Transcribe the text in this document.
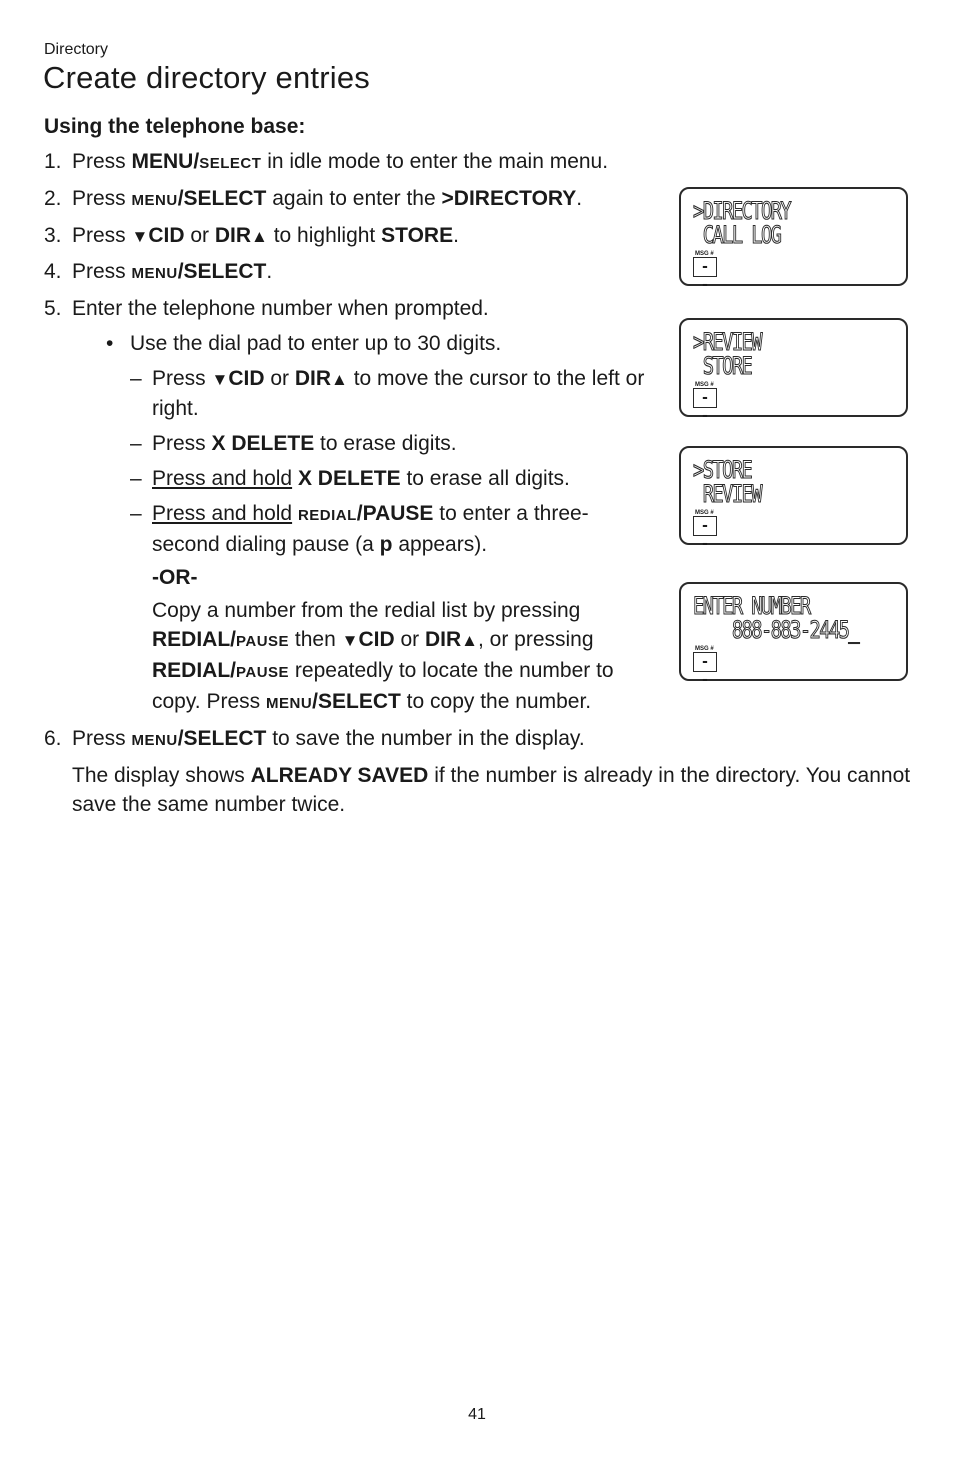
Directory
Create directory entries
Using the telephone base:
1. Press MENU/SELECT in idle mode to enter the main menu.
2. Press MENU/SELECT again to enter the >DIRECTORY.
3. Press ▼CID or DIR▲ to highlight STORE.
4. Press MENU/SELECT.
5. Enter the telephone number when prompted.
• Use the dial pad to enter up to 30 digits.
– Press ▼CID or DIR▲ to move the cursor to the left or right.
– Press X DELETE to erase digits.
– Press and hold X DELETE to erase all digits.
– Press and hold REDIAL/PAUSE to enter a three-second dialing pause (a p appears).
-OR-
Copy a number from the redial list by pressing REDIAL/PAUSE then ▼CID or DIR▲, or pressing REDIAL/PAUSE repeatedly to locate the number to copy. Press MENU/SELECT to copy the number.
6. Press MENU/SELECT to save the number in the display.
The display shows ALREADY SAVED if the number is already in the directory. You cannot save the same number twice.
>DIRECTORY
CALL LOG
MSG #
- -
>REVIEW
STORE
MSG #
- -
>STORE
REVIEW
MSG #
- -
ENTER NUMBER
888-883-2445_
MSG #
- -
41
